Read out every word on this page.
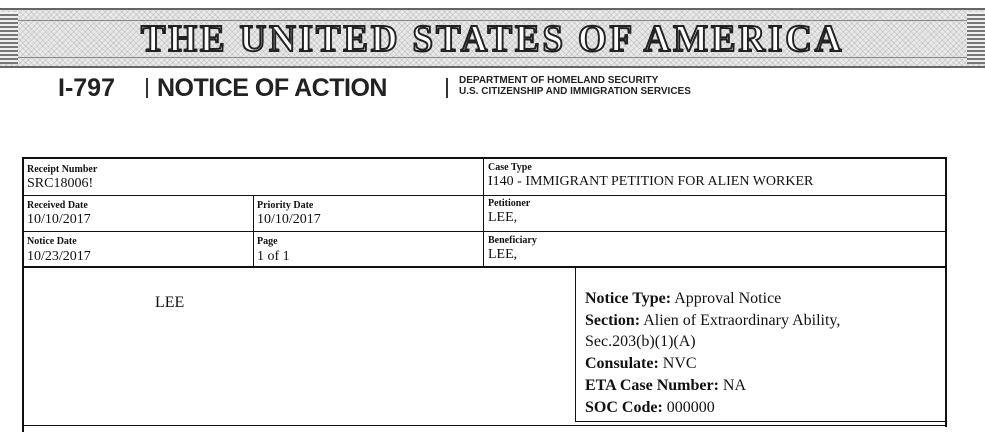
THE UNITED STATES OF AMERICA
I-797 NOTICE OF ACTION	DEPARTMENT OF HOMELAND SECURITY
U.S. CITIZENSHIP AND IMMIGRATION SERVICES
Receipt Number
SRC18006!
Case Type
I140 - IMMIGRANT PETITION FOR ALIEN WORKER
Received Date
10/10/2017
Priority Date
10/10/2017
Petitioner
LEE,
Notice Date
10/23/2017
Page
1 of 1
Beneficiary
LEE,
LEE	Notice Type: Approval Notice
Section: Alien of Extraordinary Ability,
Sec.203(b)(1)(A)
Consulate: NVC
ETA Case Number: NA
SOC Code: 000000
